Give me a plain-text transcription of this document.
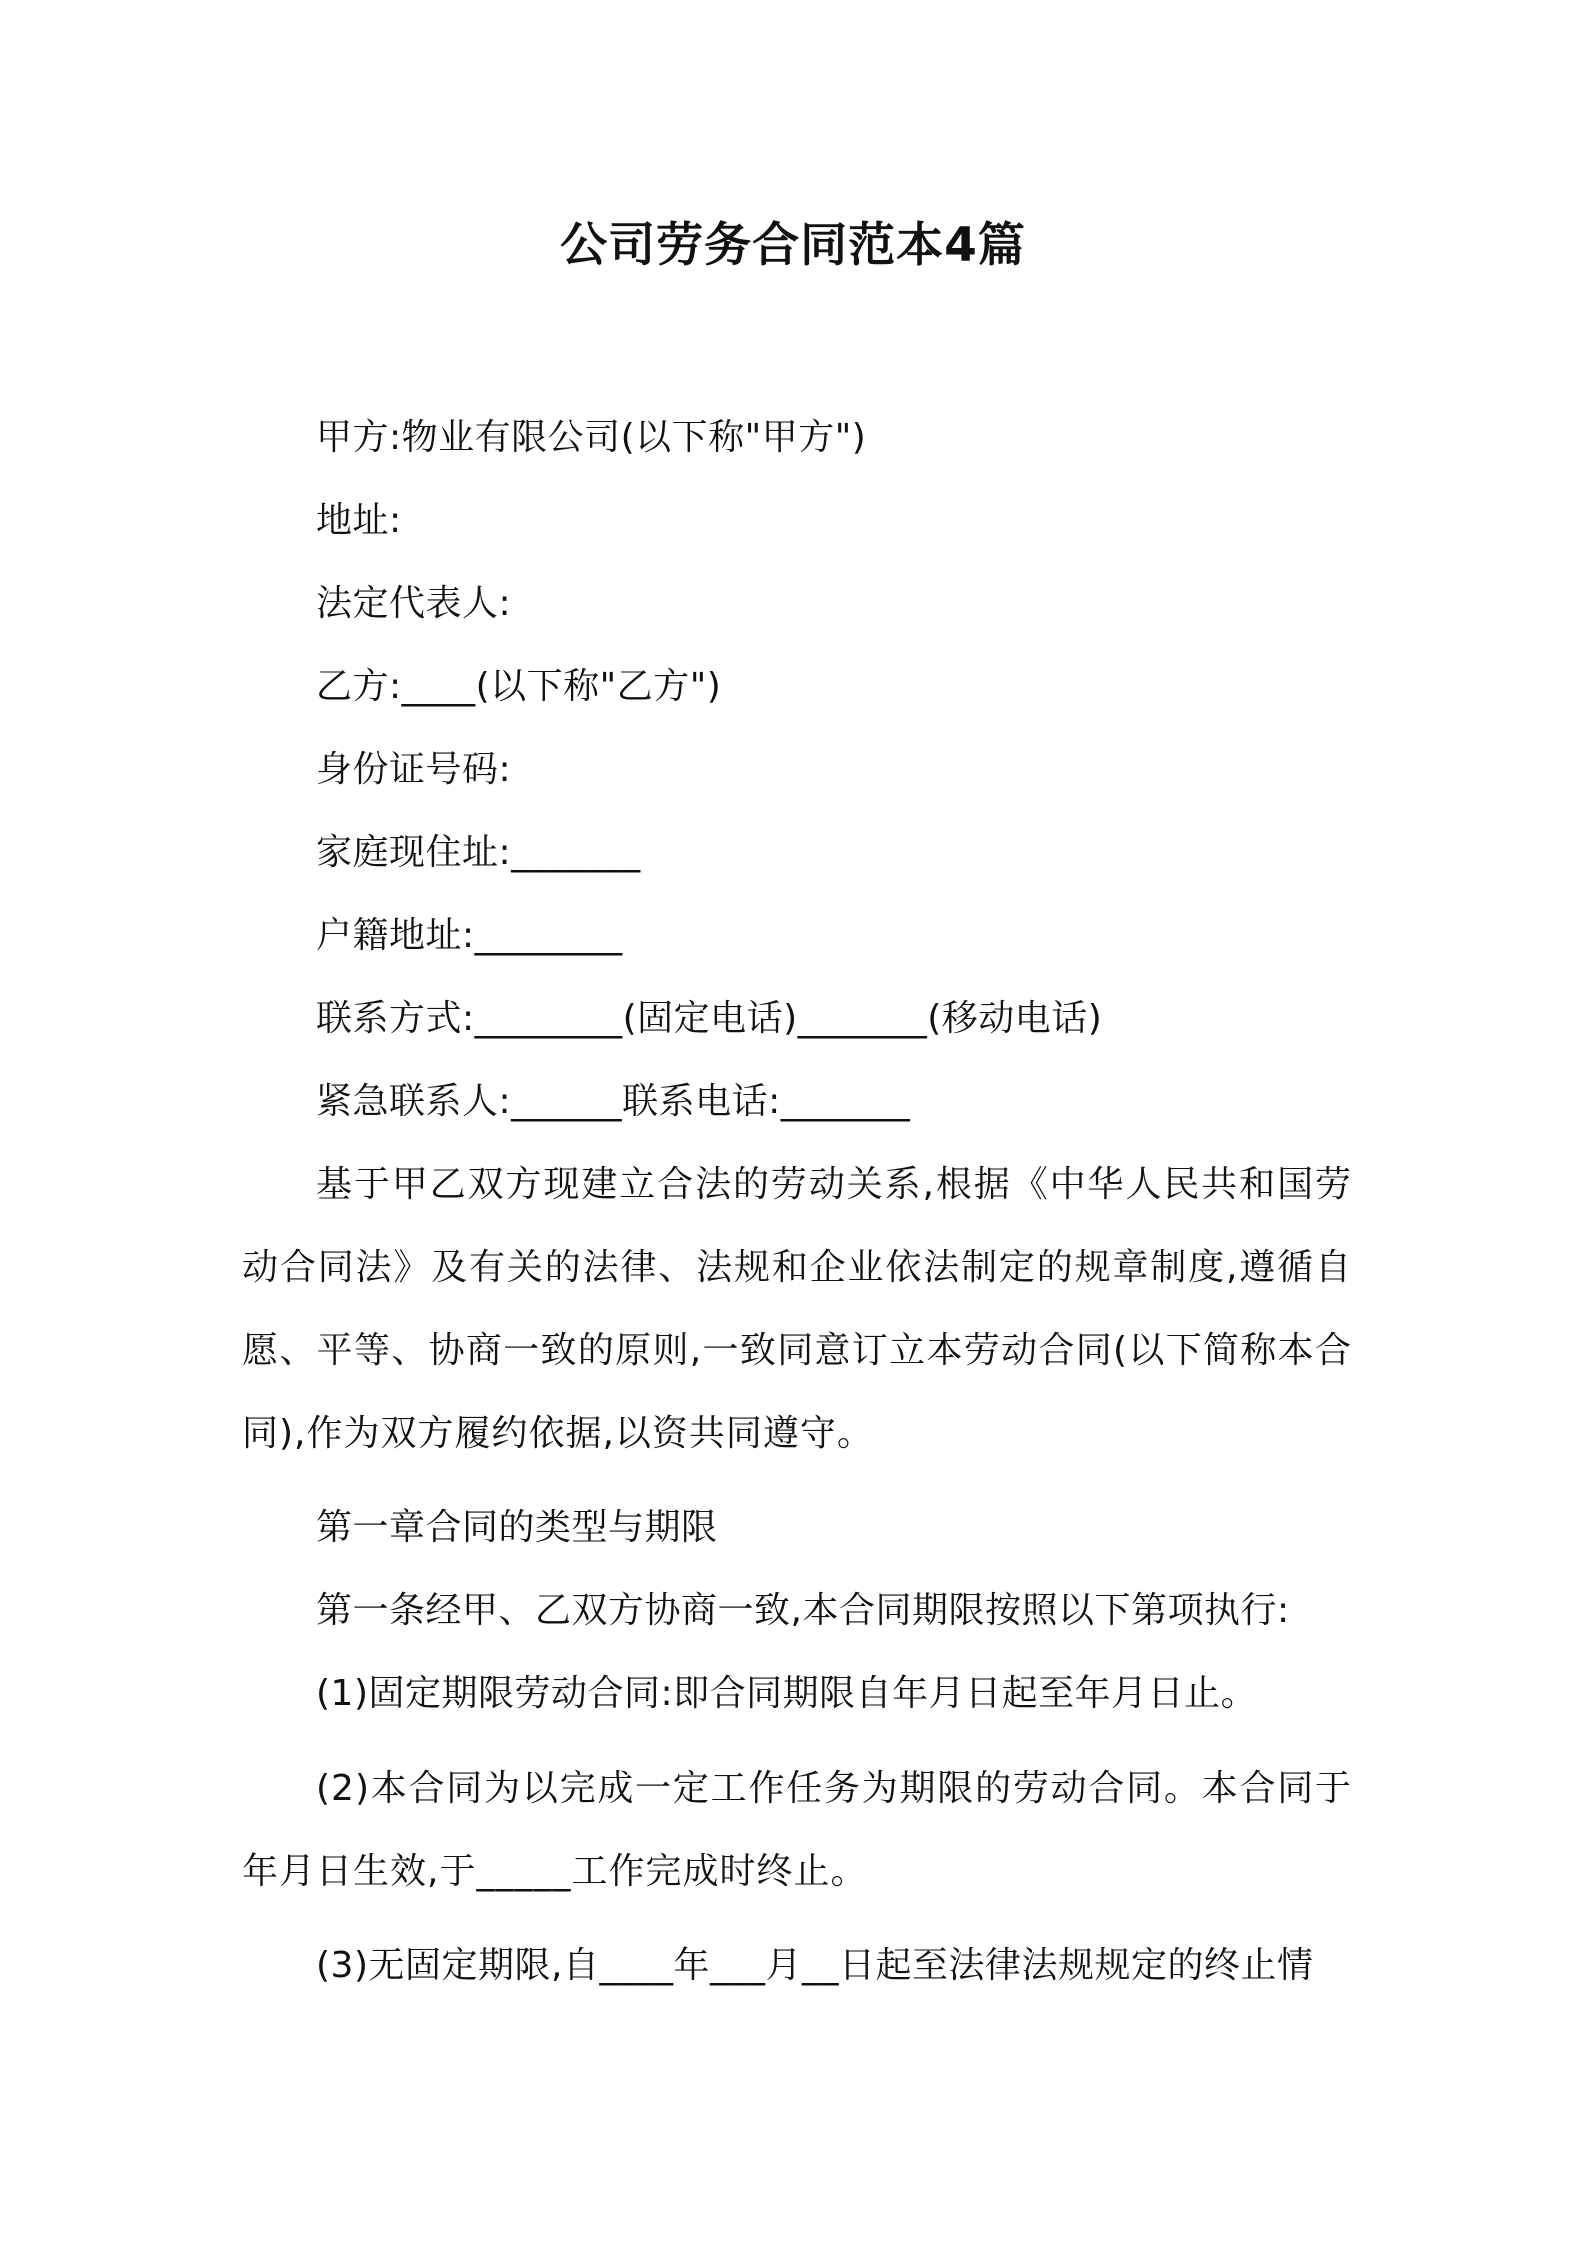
公司劳务合同范本4篇
甲方:物业有限公司(以下称"甲方")
地址:
法定代表人:
乙方:____(以下称"乙方")
身份证号码:
家庭现住址:_______
户籍地址:________
联系方式:________(固定电话)_______(移动电话)
紧急联系人:______联系电话:_______

基于甲乙双方现建立合法的劳动关系,根据《中华人民共和国劳动合同法》及有关的法律、法规和企业依法制定的规章制度,遵循自愿、平等、协商一致的原则,一致同意订立本劳动合同(以下简称本合同),作为双方履约依据,以资共同遵守。

第一章合同的类型与期限
第一条经甲、乙双方协商一致,本合同期限按照以下第项执行:
(1)固定期限劳动合同:即合同期限自年月日起至年月日止。

(2)本合同为以完成一定工作任务为期限的劳动合同。本合同于年月日生效,于_____工作完成时终止。

(3)无固定期限,自____年___月__日起至法律法规规定的终止情
